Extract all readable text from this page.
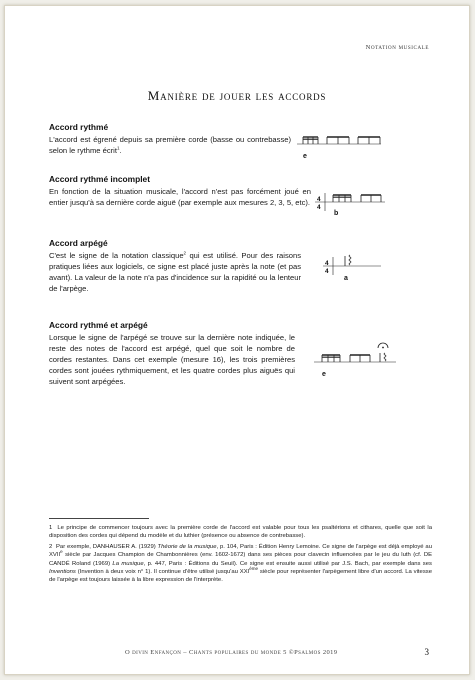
Notation musicale
Manière de jouer les accords
Accord rythmé

L'accord est égrené depuis sa première corde (basse ou contrebasse) selon le rythme écrit$^1$.

e
Accord rythmé incomplet

En fonction de la situation musicale, l'accord n'est pas forcément joué en entier jusqu'à sa dernière corde aiguë (par exemple aux mesures 2, 3, 5, etc). 4
4
b
Accord arpégé

C'est le signe de la notation classique$^2$ qui est utilisé. Pour des raisons pratiques liées aux logiciels, ce signe est placé juste après la note (et pas avant). La valeur de la note n'a pas d'incidence sur la rapidité ou la lenteur de l'arpège.

4
4
a
Accord rythmé et arpégé

Lorsque le signe de l'arpégé se trouve sur la dernière note indiquée, le reste des notes de l'accord est arpégé, quel que soit le nombre de cordes restantes. Dans cet exemple (mesure 16), les trois premières cordes sont jouées rythmiquement, et les quatre cordes plus aiguës qui suivent sont arpégées.

e

1 Le principe de commencer toujours avec la première corde de l'accord est valable pour tous les psaltérions et cithares, quelle que soit la disposition des cordes qui dépend du modèle et du luthier (présence ou absence de contrebasse).

2 Par exemple, DANHAUSER A. (1929) Théorie de la musique, p. 104, Paris : Édition Henry Lemoine. Ce signe de l'arpège est déjà employé au XVIIe siècle par Jacques Champion de Chambonnières (env. 1602-1672) dans ses pièces pour clavecin influencées par le jeu du luth (cf. DE CANDÉ Roland (1969) La musique, p. 447, Paris : Éditions du Seuil). Ce signe est ensuite aussi utilisé par J.S. Bach, par exemple dans ses Inventions (Invention à deux voix n° 1). Il continue d'être utilisé jusqu'au XXIème siècle pour représenter l'arpègement libre d'un accord. La vitesse de l'arpège est toujours laissée à la libre expression de l'interprète.

O divin Enfançon – Chants populaires du monde 5 ©Psalmos 2019	3
